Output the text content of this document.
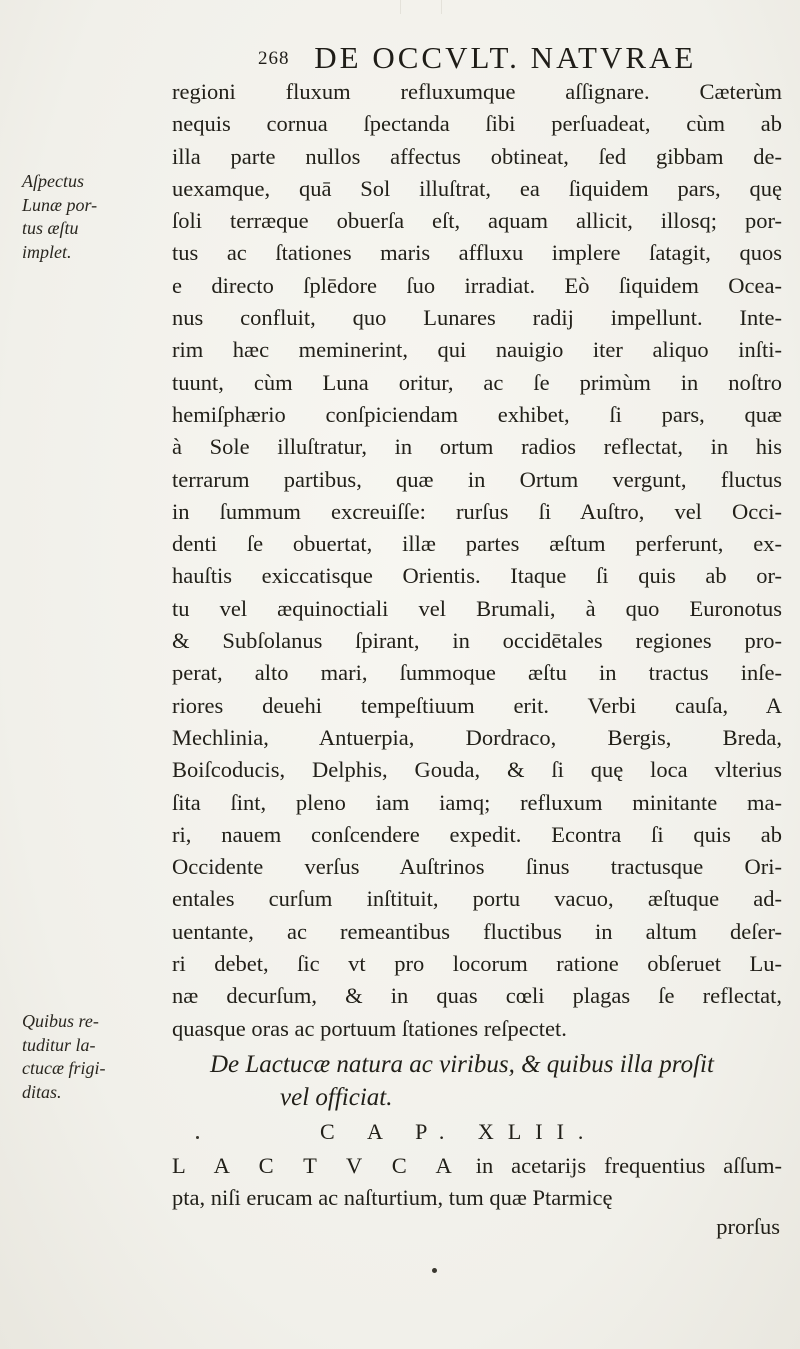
268 DE OCCVLT. NATVRAE
Aſpectus
Lunæ por-
tus æſtu
implet.
regioni fluxum refluxumque aſſignare. Cæterùm
nequis cornua ſpectanda ſibi perſuadeat, cùm ab
illa parte nullos affectus obtineat, ſed gibbam de-
uexamque, quā Sol illuſtrat, ea ſiquidem pars, quę
ſoli terræque obuerſa eſt, aquam allicit, illosq; por-
tus ac ſtationes maris affluxu implere ſatagit, quos
e directo ſplēdore ſuo irradiat. Eò ſiquidem Ocea-
nus confluit, quo Lunares radij impellunt. Inte-
rim hæc meminerint, qui nauigio iter aliquo inſti-
tuunt, cùm Luna oritur, ac ſe primùm in noſtro
hemiſphærio conſpiciendam exhibet, ſi pars, quæ
à Sole illuſtratur, in ortum radios reflectat, in his
terrarum partibus, quæ in Ortum vergunt, fluctus
in ſummum excreuiſſe: rurſus ſi Auſtro, vel Occi-
denti ſe obuertat, illæ partes æſtum perferunt, ex-
hauſtis exiccatisque Orientis. Itaque ſi quis ab or-
tu vel æquinoctiali vel Brumali, à quo Euronotus
& Subſolanus ſpirant, in occidētales regiones pro-
perat, alto mari, ſummoque æſtu in tractus inſe-
riores deuehi tempeſtiuum erit. Verbi cauſa, A
Mechlinia, Antuerpia, Dordraco, Bergis, Breda,
Boiſcoducis, Delphis, Gouda, & ſi quę loca vlterius
ſita ſint, pleno iam iamq; refluxum minitante ma-
ri, nauem conſcendere expedit. Econtra ſi quis ab
Occidente verſus Auſtrinos ſinus tractusque Ori-
entales curſum inſtituit, portu vacuo, æſtuque ad-
uentante, ac remeantibus fluctibus in altum deſer-
ri debet, ſic vt pro locorum ratione obſeruet Lu-
næ decurſum, & in quas cœli plagas ſe reflectat,
quasque oras ac portuum ſtationes reſpectet.
Quibus re-
tuditur la-
ctucæ frigi-
ditas.
De Lactucæ natura ac viribus, & quibus illa proſit
vel officiat.
C A P. XLII.
L A C T V C A in acetarijs frequentius aſſum-
pta, niſi erucam ac naſturtium, tum quæ Ptarmicę
prorſus
